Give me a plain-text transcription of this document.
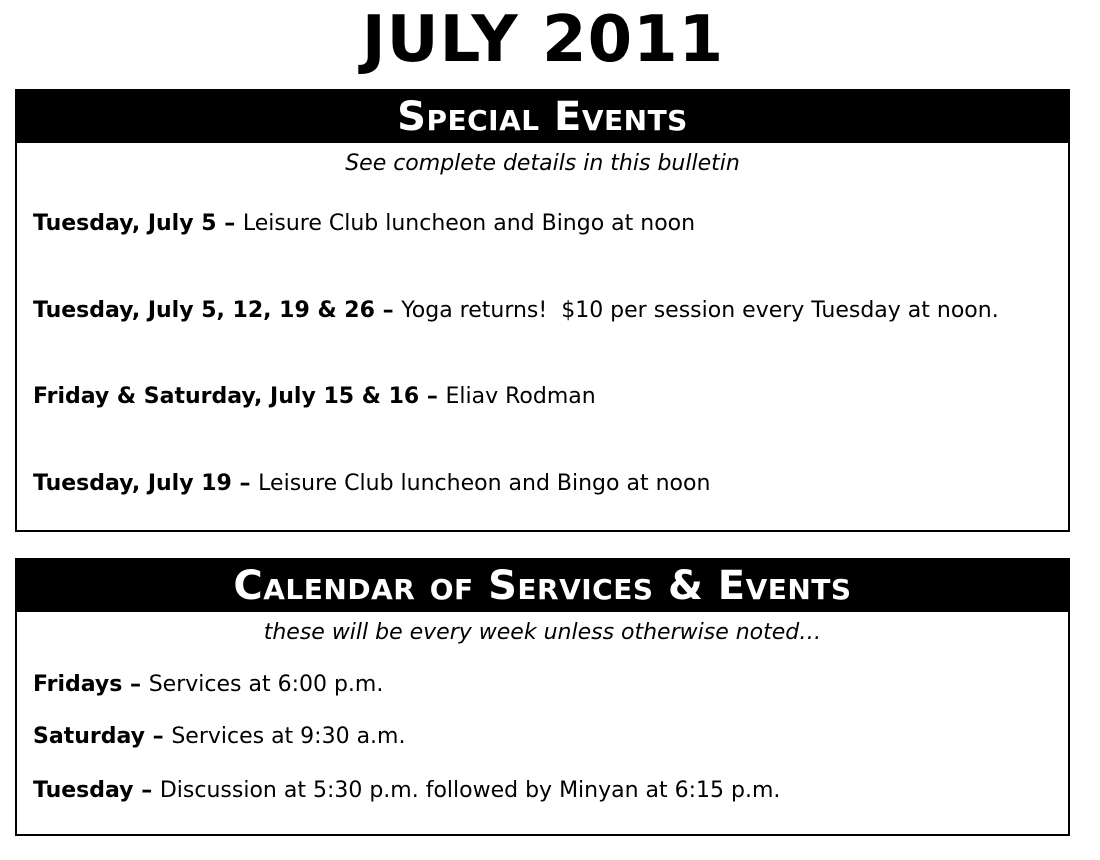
JULY 2011
Special Events
See complete details in this bulletin
Tuesday, July 5 – Leisure Club luncheon and Bingo at noon
Tuesday, July 5, 12, 19 & 26 – Yoga returns!  $10 per session every Tuesday at noon.
Friday & Saturday, July 15 & 16 – Eliav Rodman
Tuesday, July 19 – Leisure Club luncheon and Bingo at noon
Calendar of Services & Events
these will be every week unless otherwise noted…
Fridays – Services at 6:00 p.m.
Saturday – Services at 9:30 a.m.
Tuesday – Discussion at 5:30 p.m. followed by Minyan at 6:15 p.m.
